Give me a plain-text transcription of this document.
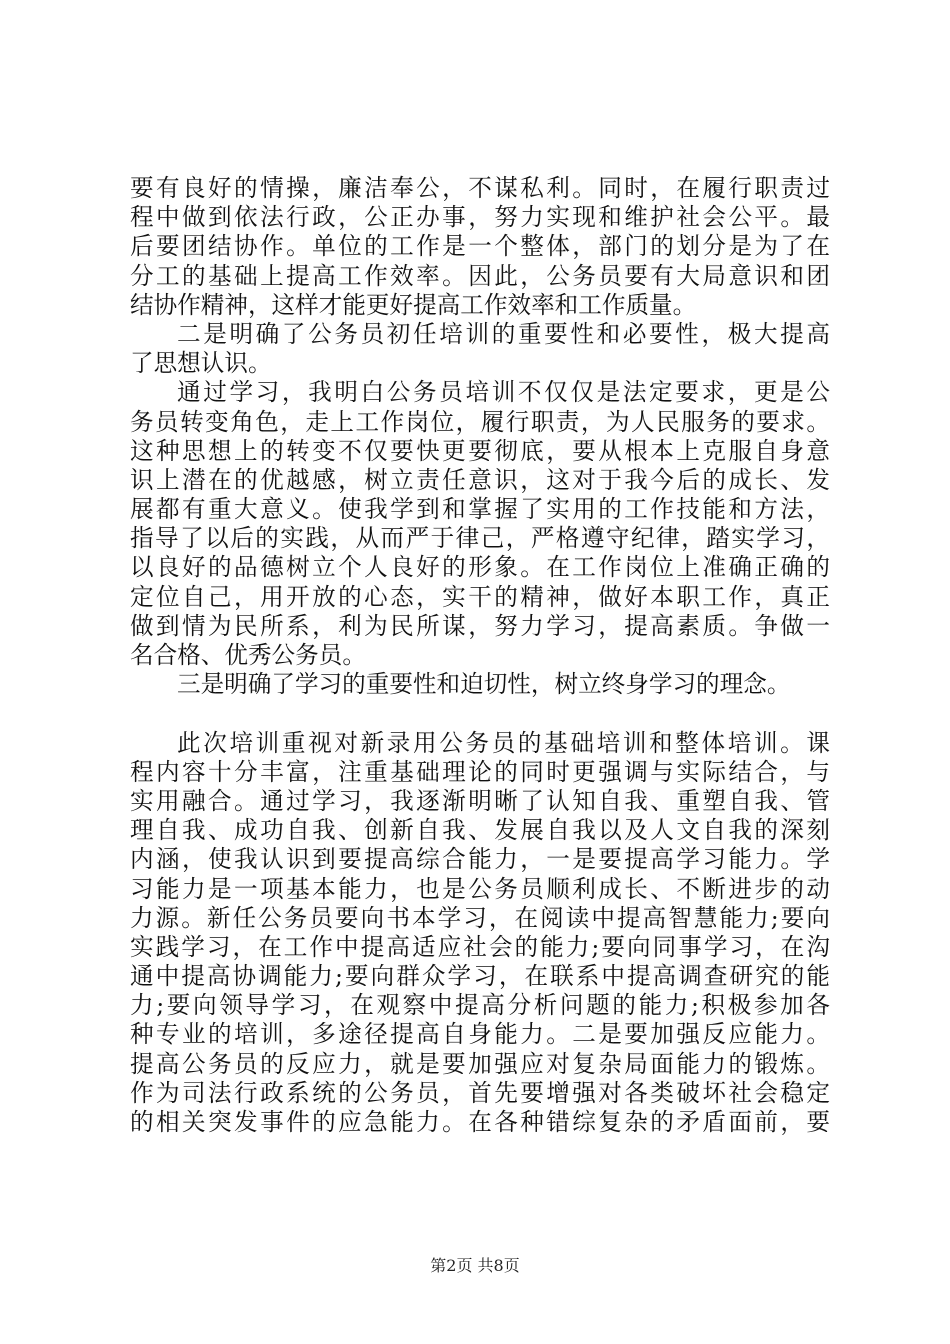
要有良好的情操，廉洁奉公，不谋私利。同时，在履行职责过
程中做到依法行政，公正办事，努力实现和维护社会公平。最
后要团结协作。单位的工作是一个整体，部门的划分是为了在
分工的基础上提高工作效率。因此，公务员要有大局意识和团
结协作精神，这样才能更好提高工作效率和工作质量。
二是明确了公务员初任培训的重要性和必要性，极大提高
了思想认识。
通过学习，我明白公务员培训不仅仅是法定要求，更是公
务员转变角色，走上工作岗位，履行职责，为人民服务的要求。
这种思想上的转变不仅要快更要彻底，要从根本上克服自身意
识上潜在的优越感，树立责任意识，这对于我今后的成长、发
展都有重大意义。使我学到和掌握了实用的工作技能和方法，
指导了以后的实践，从而严于律己，严格遵守纪律，踏实学习，
以良好的品德树立个人良好的形象。在工作岗位上准确正确的
定位自己，用开放的心态，实干的精神，做好本职工作，真正
做到情为民所系，利为民所谋，努力学习，提高素质。争做一
名合格、优秀公务员。
三是明确了学习的重要性和迫切性，树立终身学习的理念。
此次培训重视对新录用公务员的基础培训和整体培训。课
程内容十分丰富，注重基础理论的同时更强调与实际结合，与
实用融合。通过学习，我逐渐明晰了认知自我、重塑自我、管
理自我、成功自我、创新自我、发展自我以及人文自我的深刻
内涵，使我认识到要提高综合能力，一是要提高学习能力。学
习能力是一项基本能力，也是公务员顺利成长、不断进步的动
力源。新任公务员要向书本学习，在阅读中提高智慧能力;要向
实践学习，在工作中提高适应社会的能力;要向同事学习，在沟
通中提高协调能力;要向群众学习，在联系中提高调查研究的能
力;要向领导学习，在观察中提高分析问题的能力;积极参加各
种专业的培训，多途径提高自身能力。二是要加强反应能力。
提高公务员的反应力，就是要加强应对复杂局面能力的锻炼。
作为司法行政系统的公务员，首先要增强对各类破坏社会稳定
的相关突发事件的应急能力。在各种错综复杂的矛盾面前，要
第2页 共8页
